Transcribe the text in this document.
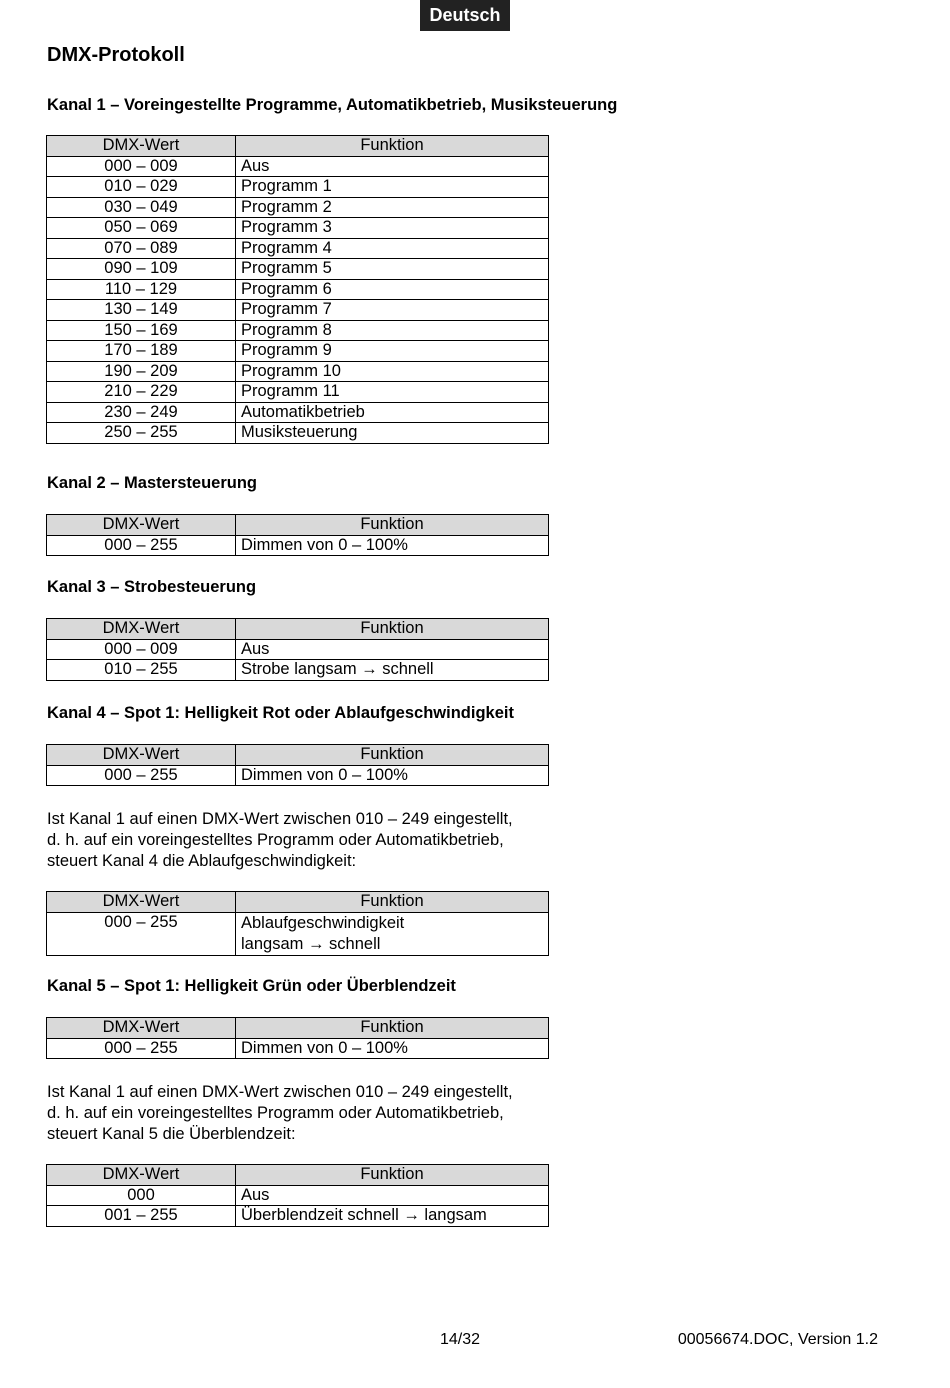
Deutsch
DMX-Protokoll
Kanal 1 – Voreingestellte Programme, Automatikbetrieb, Musiksteuerung
DMX-Wert	Funktion
000 – 009	Aus
010 – 029	Programm 1
030 – 049	Programm 2
050 – 069	Programm 3
070 – 089	Programm 4
090 – 109	Programm 5
110 – 129	Programm 6
130 – 149	Programm 7
150 – 169	Programm 8
170 – 189	Programm 9
190 – 209	Programm 10
210 – 229	Programm 11
230 – 249	Automatikbetrieb
250 – 255	Musiksteuerung
Kanal 2 – Mastersteuerung
DMX-Wert	Funktion
000 – 255	Dimmen von 0 – 100%
Kanal 3 – Strobesteuerung
DMX-Wert	Funktion
000 – 009	Aus
010 – 255	Strobe langsam → schnell
Kanal 4 – Spot 1: Helligkeit Rot oder Ablaufgeschwindigkeit
DMX-Wert	Funktion
000 – 255	Dimmen von 0 – 100%
Ist Kanal 1 auf einen DMX-Wert zwischen 010 – 249 eingestellt,
d. h. auf ein voreingestelltes Programm oder Automatikbetrieb,
steuert Kanal 4 die Ablaufgeschwindigkeit:
DMX-Wert	Funktion
000 – 255	Ablaufgeschwindigkeit
langsam → schnell
Kanal 5 – Spot 1: Helligkeit Grün oder Überblendzeit
DMX-Wert	Funktion
000 – 255	Dimmen von 0 – 100%
Ist Kanal 1 auf einen DMX-Wert zwischen 010 – 249 eingestellt,
d. h. auf ein voreingestelltes Programm oder Automatikbetrieb,
steuert Kanal 5 die Überblendzeit:
DMX-Wert	Funktion
000	Aus
001 – 255	Überblendzeit schnell → langsam
14/32	00056674.DOC, Version 1.2
